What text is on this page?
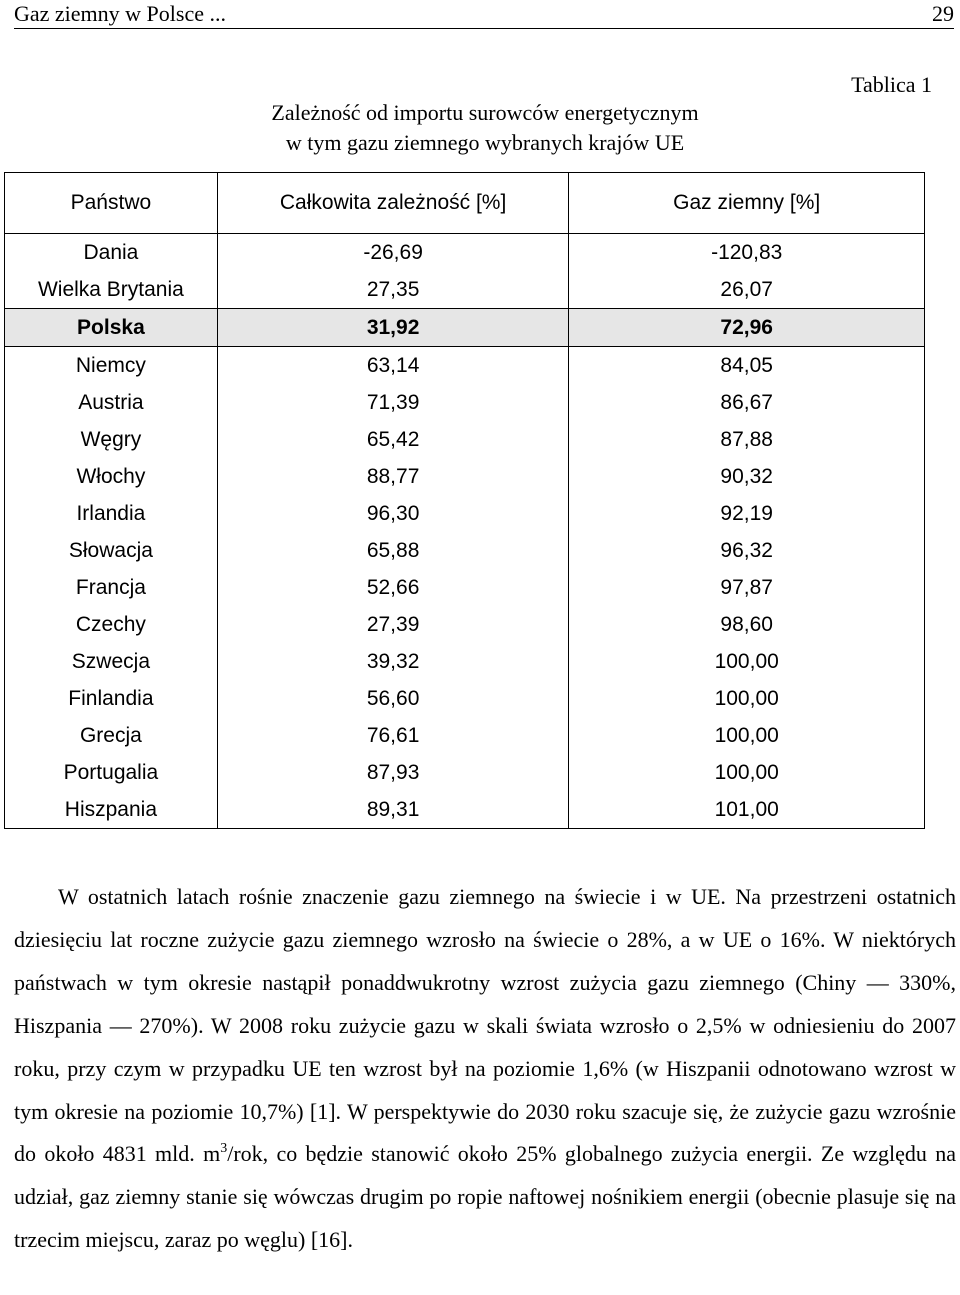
Gaz ziemny w Polsce ...	29
Tablica 1
Zależność od importu surowców energetycznym
w tym gazu ziemnego wybranych krajów UE
Państwo	Całkowita zależność [%]	Gaz ziemny [%]
Dania	-26,69	-120,83
Wielka Brytania	27,35	26,07
Polska	31,92	72,96
Niemcy	63,14	84,05
Austria	71,39	86,67
Węgry	65,42	87,88
Włochy	88,77	90,32
Irlandia	96,30	92,19
Słowacja	65,88	96,32
Francja	52,66	97,87
Czechy	27,39	98,60
Szwecja	39,32	100,00
Finlandia	56,60	100,00
Grecja	76,61	100,00
Portugalia	87,93	100,00
Hiszpania	89,31	101,00

W ostatnich latach rośnie znaczenie gazu ziemnego na świecie i w UE. Na przestrzeni ostatnich dziesięciu lat roczne zużycie gazu ziemnego wzrosło na świecie o 28%, a w UE o 16%. W niektórych państwach w tym okresie nastąpił ponaddwukrotny wzrost zużycia gazu ziemnego (Chiny — 330%, Hiszpania — 270%). W 2008 roku zużycie gazu w skali świata wzrosło o 2,5% w odniesieniu do 2007 roku, przy czym w przypadku UE ten wzrost był na poziomie 1,6% (w Hiszpanii odnotowano wzrost w tym okresie na poziomie 10,7%) [1]. W perspektywie do 2030 roku szacuje się, że zużycie gazu wzrośnie do około 4831 mld. $m^3$/rok, co będzie stanowić około 25% globalnego zużycia energii. Ze względu na udział, gaz ziemny stanie się wówczas drugim po ropie naftowej nośnikiem energii (obecnie plasuje się na trzecim miejscu, zaraz po węglu) [16].
